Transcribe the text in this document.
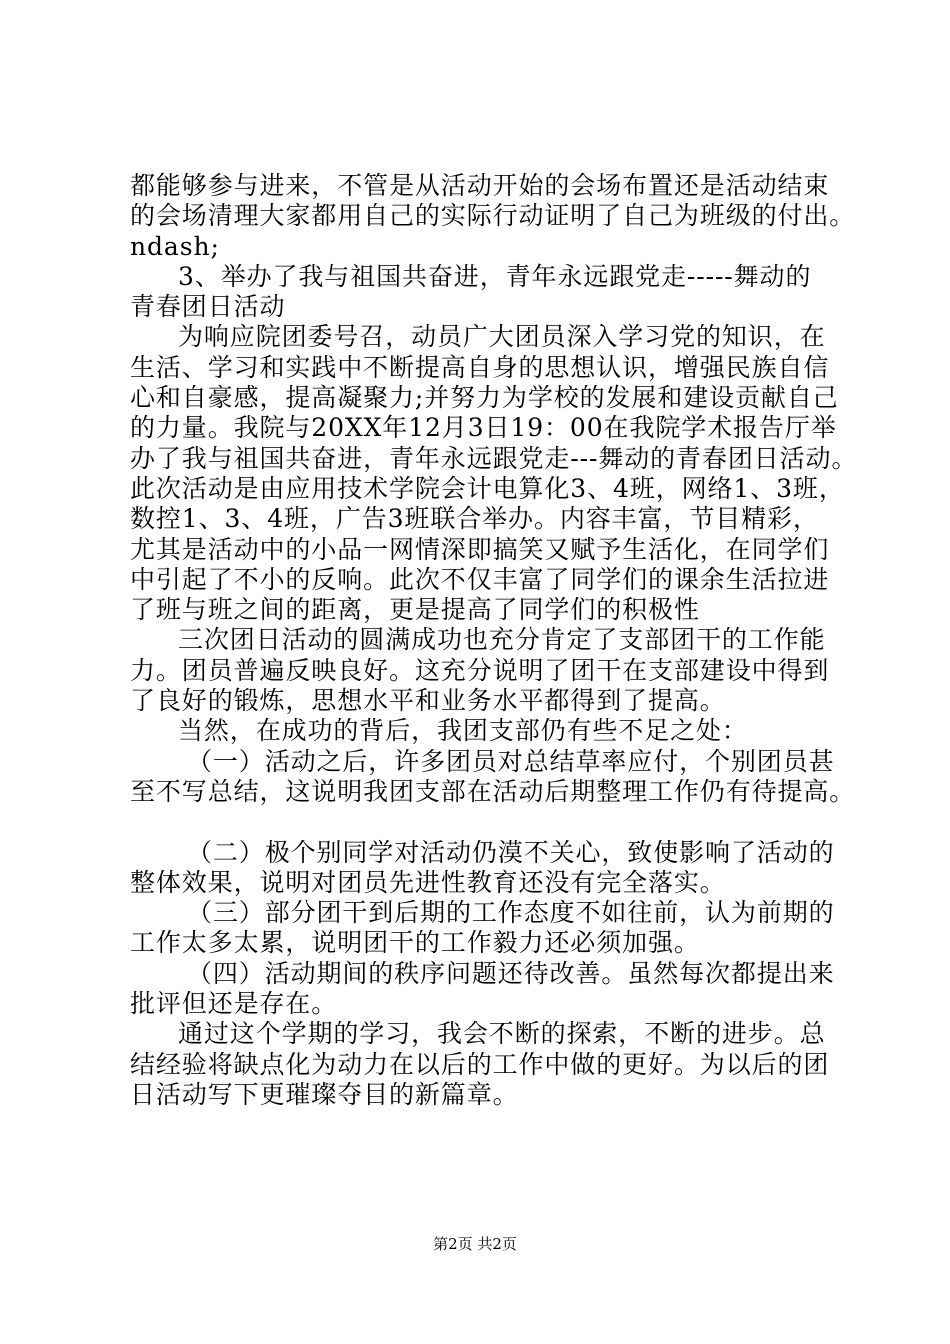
都能够参与进来，不管是从活动开始的会场布置还是活动结束
的会场清理大家都用自己的实际行动证明了自己为班级的付出。
ndash;
3、举办了我与祖国共奋进，青年永远跟党走-----舞动的
青春团日活动
为响应院团委号召，动员广大团员深入学习党的知识，在
生活、学习和实践中不断提高自身的思想认识，增强民族自信
心和自豪感，提高凝聚力;并努力为学校的发展和建设贡献自己
的力量。我院与20XX年12月3日19：00在我院学术报告厅举
办了我与祖国共奋进，青年永远跟党走---舞动的青春团日活动。
此次活动是由应用技术学院会计电算化3、4班，网络1、3班，
数控1、3、4班，广告3班联合举办。内容丰富，节目精彩，
尤其是活动中的小品一网情深即搞笑又赋予生活化，在同学们
中引起了不小的反响。此次不仅丰富了同学们的课余生活拉进
了班与班之间的距离，更是提高了同学们的积极性
三次团日活动的圆满成功也充分肯定了支部团干的工作能
力。团员普遍反映良好。这充分说明了团干在支部建设中得到
了良好的锻炼，思想水平和业务水平都得到了提高。
当然，在成功的背后，我团支部仍有些不足之处：
（一）活动之后，许多团员对总结草率应付，个别团员甚
至不写总结，这说明我团支部在活动后期整理工作仍有待提高。
（二）极个别同学对活动仍漠不关心，致使影响了活动的
整体效果，说明对团员先进性教育还没有完全落实。
（三）部分团干到后期的工作态度不如往前，认为前期的
工作太多太累，说明团干的工作毅力还必须加强。
（四）活动期间的秩序问题还待改善。虽然每次都提出来
批评但还是存在。
通过这个学期的学习，我会不断的探索，不断的进步。总
结经验将缺点化为动力在以后的工作中做的更好。为以后的团
日活动写下更璀璨夺目的新篇章。
第2页 共2页
